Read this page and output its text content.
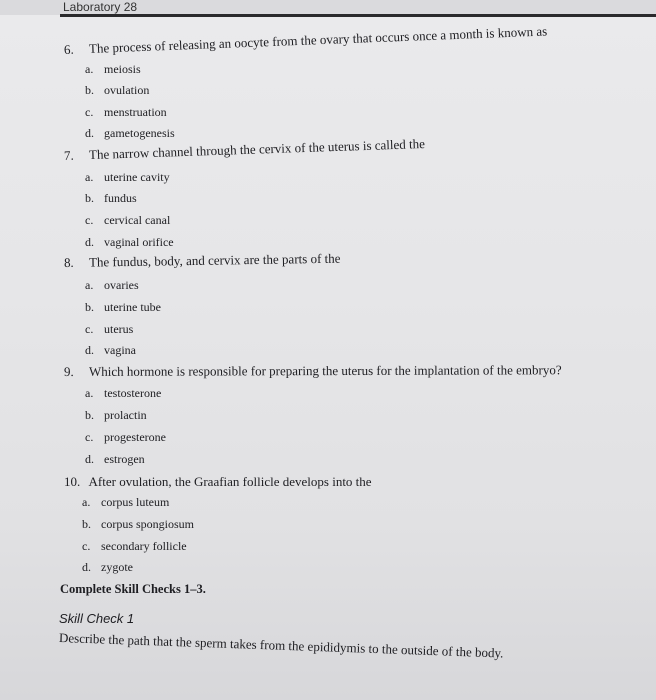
Laboratory 28
6. The process of releasing an oocyte from the ovary that occurs once a month is known as
a. meiosis
b. ovulation
c. menstruation
d. gametogenesis
7. The narrow channel through the cervix of the uterus is called the
a. uterine cavity
b. fundus
c. cervical canal
d. vaginal orifice
8. The fundus, body, and cervix are the parts of the
a. ovaries
b. uterine tube
c. uterus
d. vagina
9. Which hormone is responsible for preparing the uterus for the implantation of the embryo?
a. testosterone
b. prolactin
c. progesterone
d. estrogen
10. After ovulation, the Graafian follicle develops into the
a. corpus luteum
b. corpus spongiosum
c. secondary follicle
d. zygote
Complete Skill Checks 1–3.
Skill Check 1
Describe the path that the sperm takes from the epididymis to the outside of the body.
